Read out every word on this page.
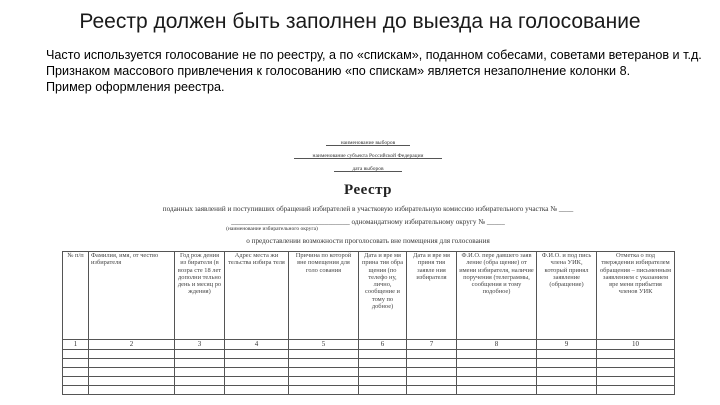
Реестр должен быть заполнен до выезда на голосование

Часто используется голосование не по реестру, а по «спискам», поданном собесами, советами ветеранов и т.д. Признаком массового привлечения к голосованию «по спискам» является незаполнение колонки 8.

Пример оформления реестра.

наименование выборов
наименование субъекта Российской Федерации
дата выборов
Реестр
поданных заявлений и поступивших обращений избирателей в участковую избирательную комиссию избирательного участка № ____
_________________________________ одномандатному избирательному округу № _____
(наименование избирательного округа)
о предоставлении возможности проголосовать вне помещения для голосования
№ п/п	Фамилия, имя, от чество избирателя	Год рож дения из бирателя (в возра сте 18 лет дополни тельно день и месяц ро ждения)	Адрес места жи тельства избира теля	Причина по которой вне помещения для голо сования	Дата и вре мя прина тия обра щения (по телефо ну, лично, сообщение и тому по добное)	Дата и вре мя приня тия заявле ния избирателя	Ф.И.О. пере давшего заяв ление (обра щение) от имени избирателя, наличие поручения (телеграммы, сообщения и тому подобное)	Ф.И.О. и под пись члена УИК, который принял заявление (обращение)	Отметка о под тверждении избирателем обращения – письменным заявлением с указанием вре мени прибытия членов УИК
1	2	3	4	5	6	7	8	9	10
